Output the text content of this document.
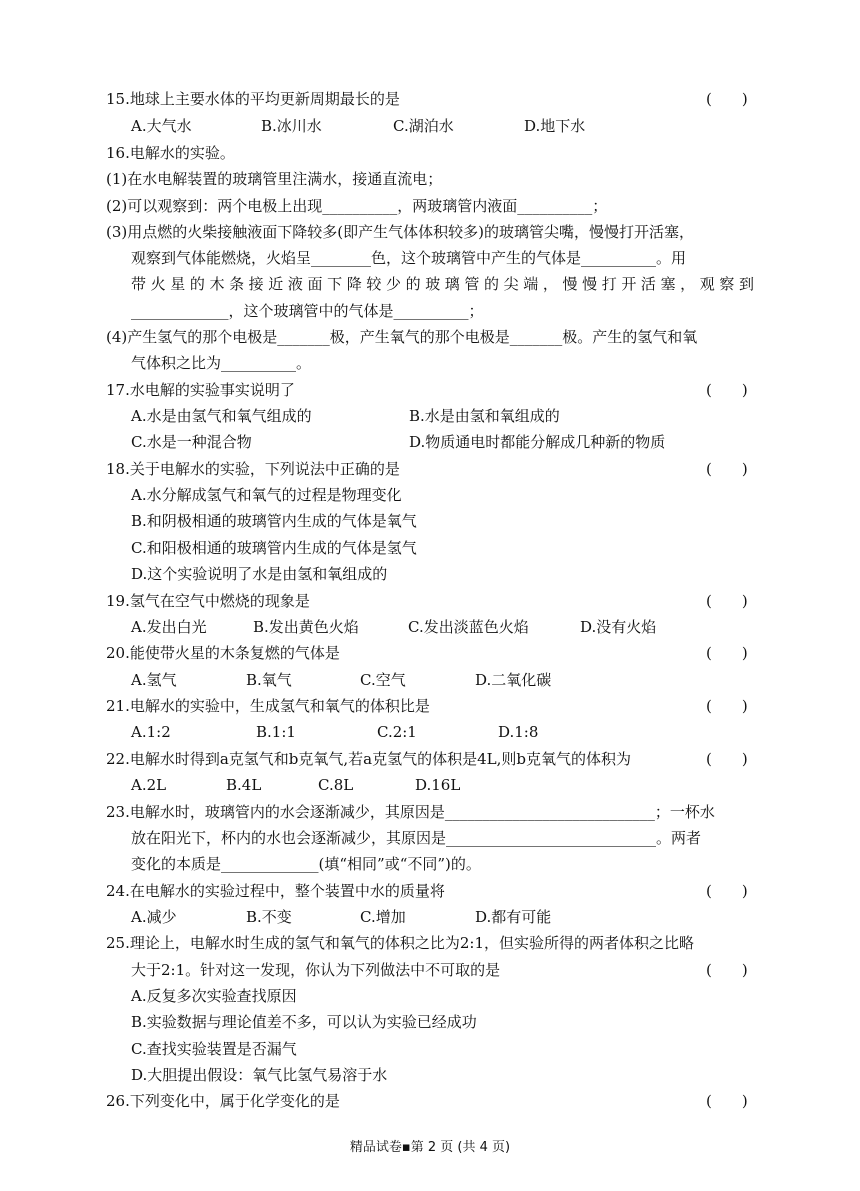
15.地球上主要水体的平均更新周期最长的是	(　　)
A.大气水	B.冰川水	C.湖泊水	D.地下水
16.电解水的实验。
(1)在水电解装置的玻璃管里注满水，接通直流电；
(2)可以观察到：两个电极上出现__________，两玻璃管内液面__________；
(3)用点燃的火柴接触液面下降较多(即产生气体体积较多)的玻璃管尖嘴，慢慢打开活塞，
观察到气体能燃烧，火焰呈________色，这个玻璃管中产生的气体是__________。用
带火星的木条接近液面下降较少的玻璃管的尖端，慢慢打开活塞，观察到
_____________，这个玻璃管中的气体是__________；
(4)产生氢气的那个电极是_______极，产生氧气的那个电极是_______极。产生的氢气和氧
气体积之比为__________。
17.水电解的实验事实说明了	(　　)
A.水是由氢气和氧气组成的	B.水是由氢和氧组成的
C.水是一种混合物	D.物质通电时都能分解成几种新的物质
18.关于电解水的实验，下列说法中正确的是	(　　)
A.水分解成氢气和氧气的过程是物理变化
B.和阴极相通的玻璃管内生成的气体是氧气
C.和阳极相通的玻璃管内生成的气体是氢气
D.这个实验说明了水是由氢和氧组成的
19.氢气在空气中燃烧的现象是	(　　)
A.发出白光	B.发出黄色火焰	C.发出淡蓝色火焰	D.没有火焰
20.能使带火星的木条复燃的气体是	(　　)
A.氢气	B.氧气	C.空气	D.二氧化碳
21.电解水的实验中，生成氢气和氧气的体积比是	(　　)
A.1:2	B.1:1	C.2:1	D.1:8
22.电解水时得到a克氢气和b克氧气,若a克氢气的体积是4L,则b克氧气的体积为	(　　)
A.2L	B.4L	C.8L	D.16L
23.电解水时，玻璃管内的水会逐渐减少，其原因是____________________________；一杯水
放在阳光下，杯内的水也会逐渐减少，其原因是____________________________。两者
变化的本质是_____________(填“相同”或“不同”)的。
24.在电解水的实验过程中，整个装置中水的质量将	(　　)
A.减少	B.不变	C.增加	D.都有可能
25.理论上，电解水时生成的氢气和氧气的体积之比为2:1，但实验所得的两者体积之比略
大于2:1。针对这一发现，你认为下列做法中不可取的是	(　　)
A.反复多次实验查找原因
B.实验数据与理论值差不多，可以认为实验已经成功
C.查找实验装置是否漏气
D.大胆提出假设：氧气比氢气易溶于水
26.下列变化中，属于化学变化的是	(　　)
精品试卷▪第 2 页 (共 4 页)
